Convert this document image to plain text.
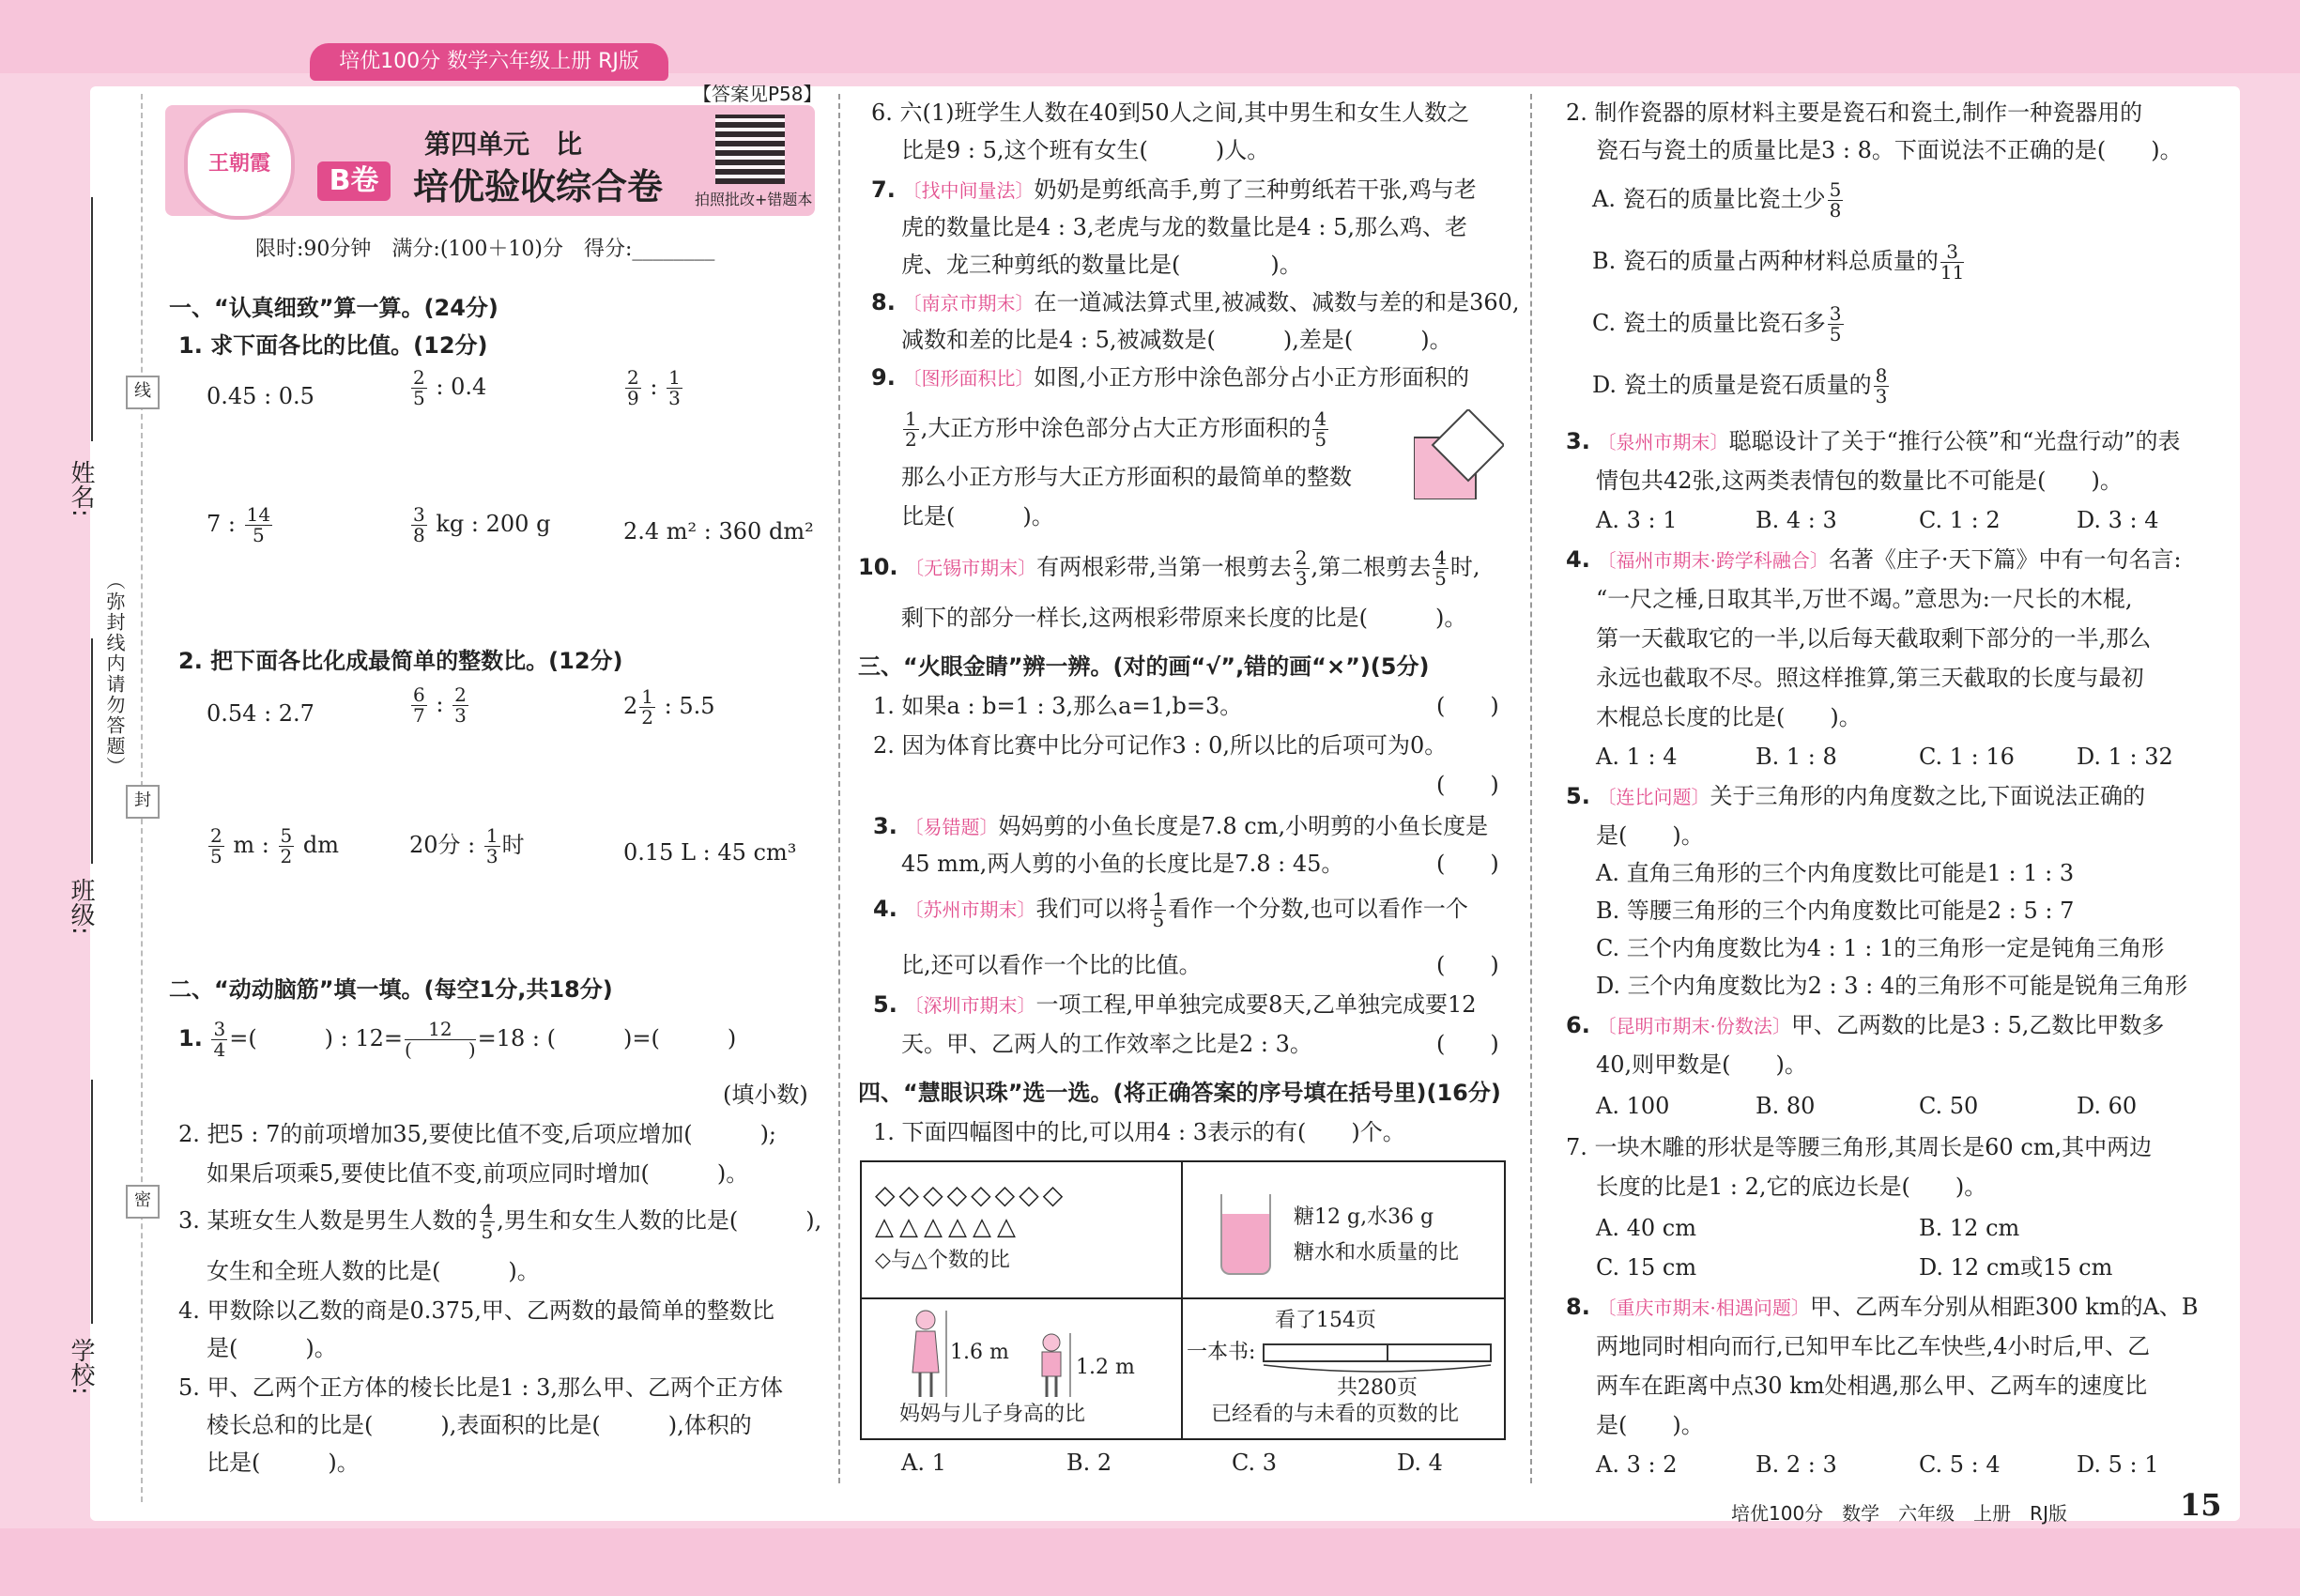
培优100分 数学六年级上册 RJ版
姓名:
班级:
学校:
线
封
密
（弥封线内请勿答题）
【答案见P58】
王朝霞
第四单元　比
B卷 培优验收综合卷 拍照批改+错题本
限时:90分钟　满分:(100＋10)分　得分:________
一、“认真细致”算一算。(24分)
1. 求下面各比的比值。(12分)
0.45 : 0.5	$\frac{2}{5}$ : 0.4	$\frac{2}{9}$ : $\frac{1}{3}$
7 : $\frac{14}{5}$	$\frac{3}{8}$ kg : 200 g	2.4 m² : 360 dm²
2. 把下面各比化成最简单的整数比。(12分)
0.54 : 2.7	$\frac{6}{7}$ : $\frac{2}{3}$	$2 \frac{1}{2}$ : 5.5
$\frac{2}{5}$ m : $\frac{5}{2}$ dm	20分 : $\frac{1}{3}$ 时	0.15 L : 45 cm³
二、“动动脑筋”填一填。(每空1分,共18分)
1. $\frac{3}{4}$ =(　　　) : $12= \frac{12}{( )} =18$ : (　　　)=(　　　)
(填小数)
2. 把5 : 7的前项增加35,要使比值不变,后项应增加(　　　);
如果后项乘5,要使比值不变,前项应同时增加(　　　)。
3. 某班女生人数是男生人数的 $\frac{4}{5}$ ,男生和女生人数的比是(　　　),
女生和全班人数的比是(　　　)。
4. 甲数除以乙数的商是0.375,甲、乙两数的最简单的整数比
是(　　　)。
5. 甲、乙两个正方体的棱长比是1 : 3,那么甲、乙两个正方体
棱长总和的比是(　　　),表面积的比是(　　　),体积的
比是(　　　)。
6. 六(1)班学生人数在40到50人之间,其中男生和女生人数之
比是9 : 5,这个班有女生(　　　)人。
7. 〔找中间量法〕奶奶是剪纸高手,剪了三种剪纸若干张,鸡与老
虎的数量比是4 : 3,老虎与龙的数量比是4 : 5,那么鸡、老
虎、龙三种剪纸的数量比是(　　　　)。
8. 〔南京市期末〕在一道减法算式里,被减数、减数与差的和是360,
减数和差的比是4 : 5,被减数是(　　　),差是(　　　)。
9. 〔图形面积比〕如图,小正方形中涂色部分占小正方形面积的
$\frac{1}{2}$ ,大正方形中涂色部分占大正方形面积的 $\frac{4}{5}$
那么小正方形与大正方形面积的最简单的整数
比是(　　　)。
10. 〔无锡市期末〕有两根彩带,当第一根剪去 $\frac{2}{3}$ ,第二根剪去 $\frac{4}{5}$ 时,
剩下的部分一样长,这两根彩带原来长度的比是(　　　)。
三、“火眼金睛”辨一辨。(对的画“√”,错的画“×”)(5分)
1. 如果a : b=1 : 3,那么a=1,b=3。	(　　)
2. 因为体育比赛中比分可记作3 : 0,所以比的后项可为0。
(　　)
3. 〔易错题〕妈妈剪的小鱼长度是7.8 cm,小明剪的小鱼长度是
45 mm,两人剪的小鱼的长度比是7.8 : 45。	(　　)
4. 〔苏州市期末〕我们可以将 $\frac{1}{5}$ 看作一个分数,也可以看作一个
比,还可以看作一个比的比值。	(　　)
5. 〔深圳市期末〕一项工程,甲单独完成要8天,乙单独完成要12
天。甲、乙两人的工作效率之比是2 : 3。	(　　)
四、“慧眼识珠”选一选。(将正确答案的序号填在括号里)(16分)
1. 下面四幅图中的比,可以用4 : 3表示的有(　　)个。
◇◇◇◇◇◇◇◇
△△△△△△
◇与△个数的比
糖12 g,水36 g
糖水和水质量的比
1.6 m
1.2 m
妈妈与儿子身高的比
看了154页
一本书:
共280页
已经看的与未看的页数的比
A. 1	B. 2	C. 3	D. 4
2. 制作瓷器的原材料主要是瓷石和瓷土,制作一种瓷器用的
瓷石与瓷土的质量比是3 : 8。下面说法不正确的是(　　)。
A. 瓷石的质量比瓷土少 $\frac{5}{8}$
B. 瓷石的质量占两种材料总质量的 $\frac{3}{11}$
C. 瓷土的质量比瓷石多 $\frac{3}{5}$
D. 瓷土的质量是瓷石质量的 $\frac{8}{3}$
3. 〔泉州市期末〕聪聪设计了关于“推行公筷”和“光盘行动”的表
情包共42张,这两类表情包的数量比不可能是(　　)。
A. 3 : 1	B. 4 : 3	C. 1 : 2	D. 3 : 4
4. 〔福州市期末·跨学科融合〕名著《庄子·天下篇》中有一句名言:
“一尺之棰,日取其半,万世不竭。”意思为:一尺长的木棍,
第一天截取它的一半,以后每天截取剩下部分的一半,那么
永远也截取不尽。照这样推算,第三天截取的长度与最初
木棍总长度的比是(　　)。
A. 1 : 4	B. 1 : 8	C. 1 : 16	D. 1 : 32
5. 〔连比问题〕关于三角形的内角度数之比,下面说法正确的
是(　　)。
A. 直角三角形的三个内角度数比可能是1 : 1 : 3
B. 等腰三角形的三个内角度数比可能是2 : 5 : 7
C. 三个内角度数比为4 : 1 : 1的三角形一定是钝角三角形
D. 三个内角度数比为2 : 3 : 4的三角形不可能是锐角三角形
6. 〔昆明市期末·份数法〕甲、乙两数的比是3 : 5,乙数比甲数多
40,则甲数是(　　)。
A. 100	B. 80	C. 50	D. 60
7. 一块木雕的形状是等腰三角形,其周长是60 cm,其中两边
长度的比是1 : 2,它的底边长是(　　)。
A. 40 cm	B. 12 cm
C. 15 cm	D. 12 cm或15 cm
8. 〔重庆市期末·相遇问题〕甲、乙两车分别从相距300 km的A、B
两地同时相向而行,已知甲车比乙车快些,4小时后,甲、乙
两车在距离中点30 km处相遇,那么甲、乙两车的速度比
是(　　)。
A. 3 : 2	B. 2 : 3	C. 5 : 4	D. 5 : 1
培优100分　数学　六年级　上册　RJ版	15
